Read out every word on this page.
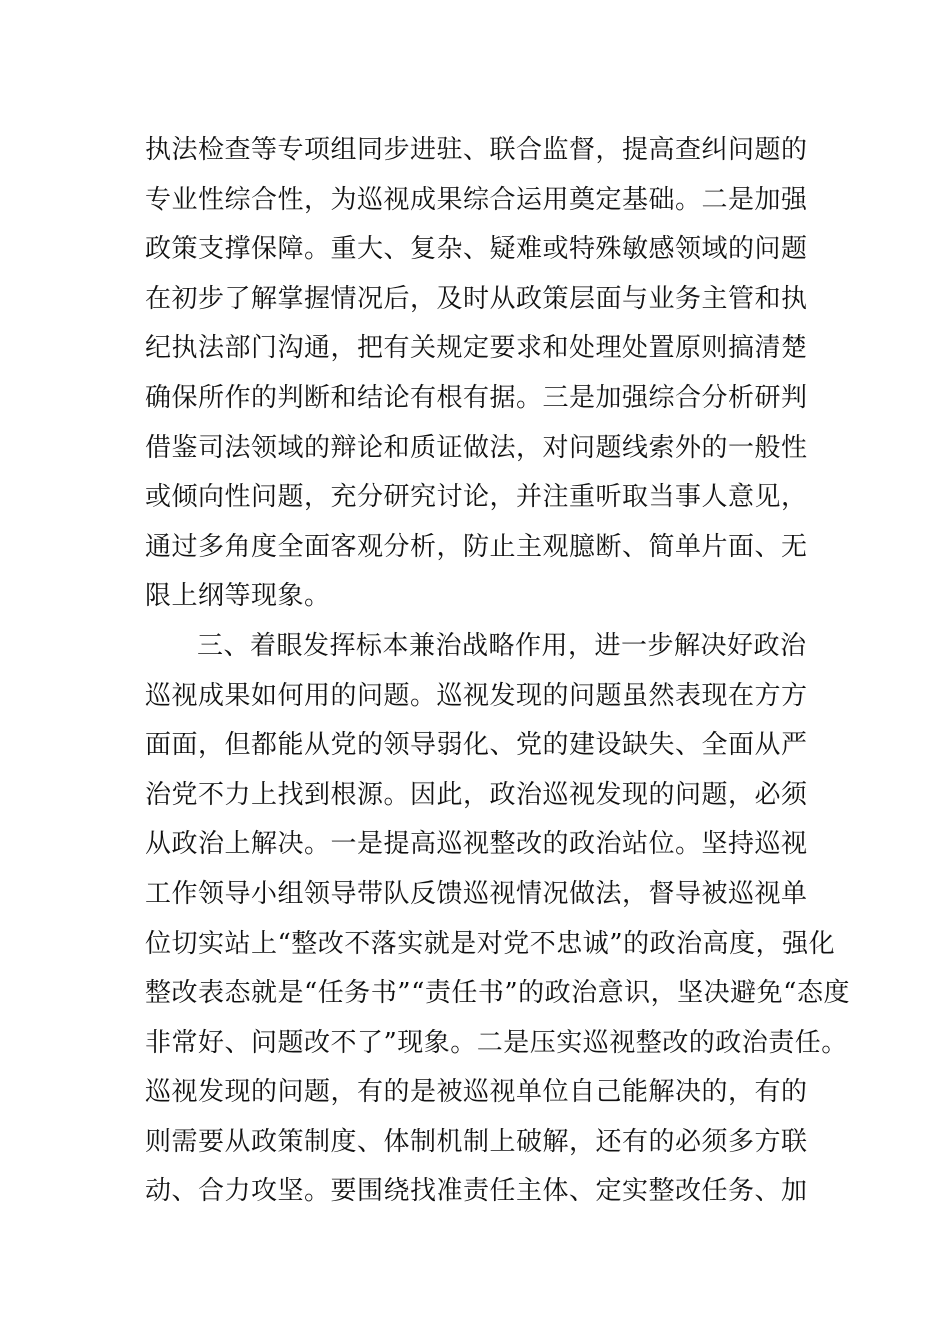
执法检查等专项组同步进驻、联合监督，提高查纠问题的
专业性综合性，为巡视成果综合运用奠定基础。二是加强
政策支撑保障。重大、复杂、疑难或特殊敏感领域的问题
在初步了解掌握情况后，及时从政策层面与业务主管和执
纪执法部门沟通，把有关规定要求和处理处置原则搞清楚
确保所作的判断和结论有根有据。三是加强综合分析研判
借鉴司法领域的辩论和质证做法，对问题线索外的一般性
或倾向性问题，充分研究讨论，并注重听取当事人意见，
通过多角度全面客观分析，防止主观臆断、简单片面、无
限上纲等现象。
三、着眼发挥标本兼治战略作用，进一步解决好政治
巡视成果如何用的问题。巡视发现的问题虽然表现在方方
面面，但都能从党的领导弱化、党的建设缺失、全面从严
治党不力上找到根源。因此，政治巡视发现的问题，必须
从政治上解决。一是提高巡视整改的政治站位。坚持巡视
工作领导小组领导带队反馈巡视情况做法，督导被巡视单
位切实站上“整改不落实就是对党不忠诚”的政治高度，强化
整改表态就是“任务书”“责任书”的政治意识，坚决避免“态度
非常好、问题改不了”现象。二是压实巡视整改的政治责任。
巡视发现的问题，有的是被巡视单位自己能解决的，有的
则需要从政策制度、体制机制上破解，还有的必须多方联
动、合力攻坚。要围绕找准责任主体、定实整改任务、加
